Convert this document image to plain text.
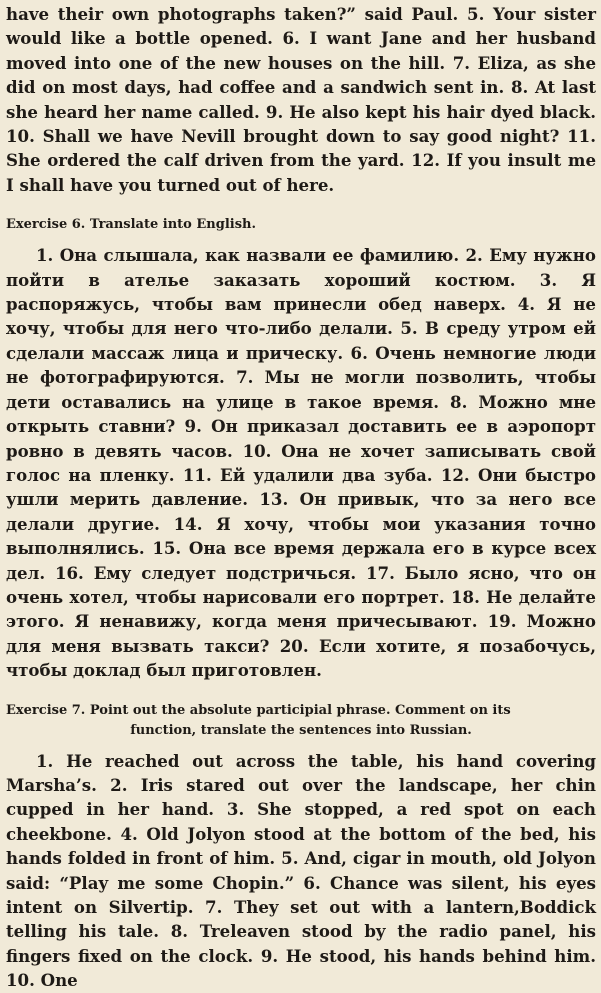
have their own photographs taken?” said Paul. 5. Your sister would like a bottle opened. 6. I want Jane and her husband moved into one of the new houses on the hill. 7. Eliza, as she did on most days, had coffee and a sandwich sent in. 8. At last she heard her name called. 9. He also kept his hair dyed black. 10. Shall we have Nevill brought down to say good night? 11. She ordered the calf driven from the yard. 12. If you insult me I shall have you turned out of here.

Exercise 6. Translate into English.

1. Она слышала, как назвали ее фамилию. 2. Ему нужно пойти в ателье заказать хороший костюм. 3. Я распоряжусь, чтобы вам принесли обед наверх. 4. Я не хочу, чтобы для него что-либо делали. 5. В среду утром ей сделали массаж лица и прическу. 6. Очень немногие люди не фотографируются. 7. Мы не могли позволить, чтобы дети оставались на улице в такое время. 8. Можно мне открыть ставни? 9. Он приказал доставить ее в аэропорт ровно в девять часов. 10. Она не хочет записывать свой голос на пленку. 11. Ей удалили два зуба. 12. Они быстро ушли мерить давление. 13. Он привык, что за него все делали другие. 14. Я хочу, чтобы мои указания точно выполнялись. 15. Она все время держала его в курсе всех дел. 16. Ему следует подстричься. 17. Было ясно, что он очень хотел, чтобы нарисовали его портрет. 18. Не делайте этого. Я ненавижу, когда меня причесывают. 19. Можно для меня вызвать такси? 20. Если хотите, я позабочусь, чтобы доклад был приготовлен.

Exercise 7. Point out the absolute participial phrase. Comment on its
function, translate the sentences into Russian.

1. He reached out across the table, his hand covering Marsha’s. 2. Iris stared out over the landscape, her chin cupped in her hand. 3. She stopped, a red spot on each cheekbone. 4. Old Jolyon stood at the bottom of the bed, his hands folded in front of him. 5. And, cigar in mouth, old Jolyon said: “Play me some Chopin.” 6. Chance was silent, his eyes intent on Silvertip. 7. They set out with a lantern,Boddick telling his tale. 8. Treleaven stood by the radio panel, his fingers fixed on the clock. 9. He stood, his hands behind him. 10. One
